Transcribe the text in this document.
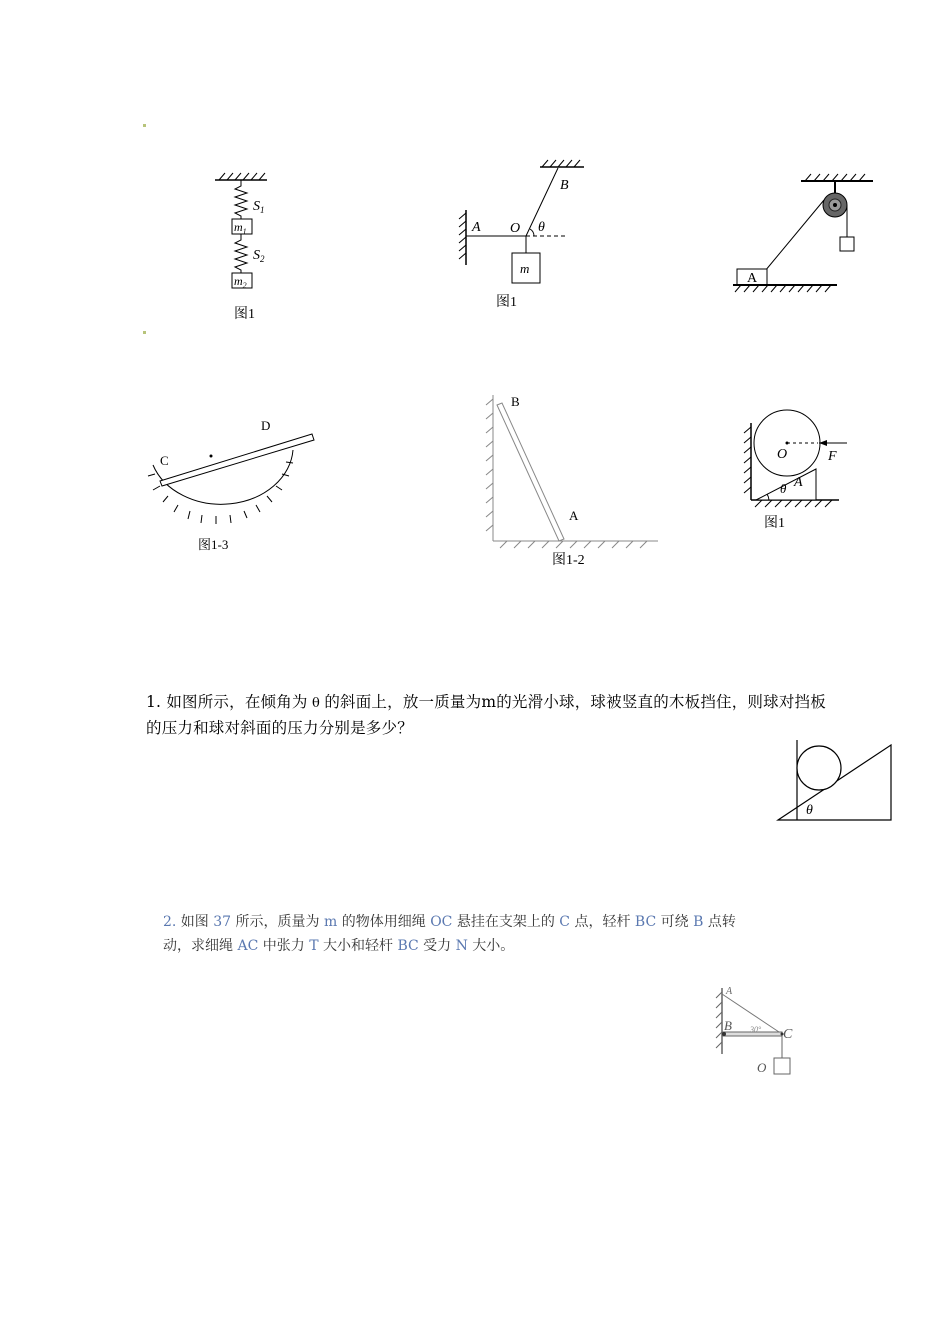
$S_1$
$m_1$
$S_2$
$m_2$
图1
A O
B
θ
m
图1
A
C
D
图1-3
B
A
图1-2
O	F
A
θ
图1
1. 如图所示，在倾角为 θ 的斜面上，放一质量为m的光滑小球，球被竖直的木板挡住，则球对挡板的压力和球对斜面的压力分别是多少？
θ
2. 如图 37 所示，质量为 m 的物体用细绳 OC 悬挂在支架上的 C 点，轻杆 BC 可绕 B 点转动，求细绳 AC 中张力 T 大小和轻杆 BC 受力 N 大小。
A
B
C
30°
O
